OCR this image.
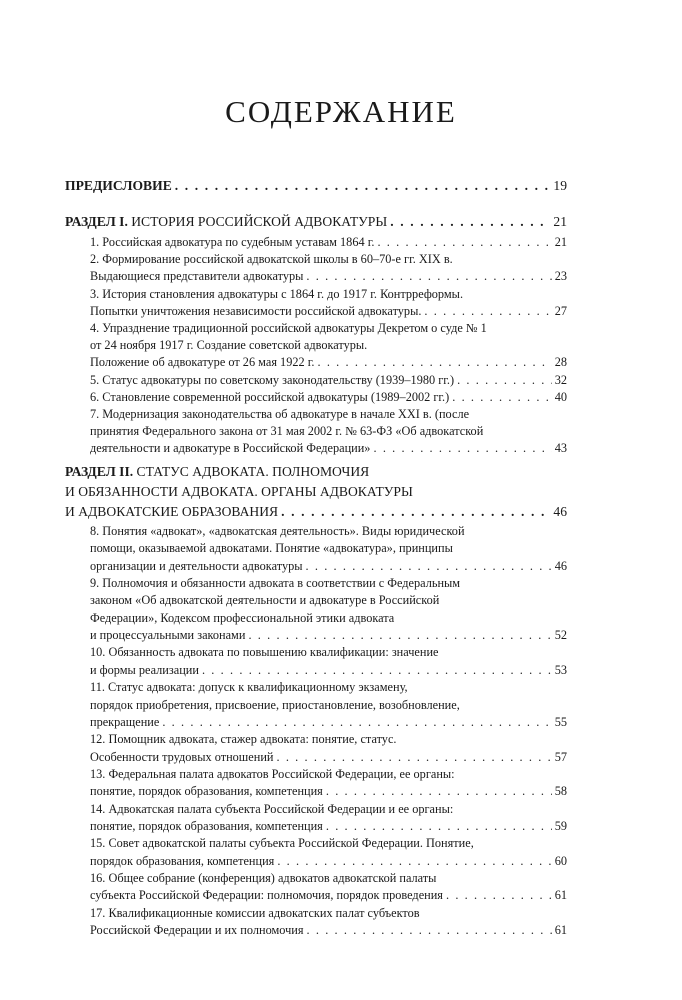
СОДЕРЖАНИЕ
ПРЕДИСЛОВИЕ . . .	19
РАЗДЕЛ I. ИСТОРИЯ РОССИЙСКОЙ АДВОКАТУРЫ . . .	21
1. Российская адвокатура по судебным уставам 1864 г. . . .	21
2. Формирование российской адвокатской школы в 60–70-е гг. XIX в.
Выдающиеся представители адвокатуры . . .	23
3. История становления адвокатуры с 1864 г. до 1917 г. Контрреформы.
Попытки уничтожения независимости российской адвокатуры. . . .	27
4. Упразднение традиционной российской адвокатуры Декретом о суде № 1
от 24 ноября 1917 г. Создание советской адвокатуры.
Положение об адвокатуре от 26 мая 1922 г. . . .	28
5. Статус адвокатуры по советскому законодательству (1939–1980 гг.) . . .	32
6. Становление современной российской адвокатуры (1989–2002 гг.) . . .	40
7. Модернизация законодательства об адвокатуре в начале XXI в. (после
принятия Федерального закона от 31 мая 2002 г. № 63-ФЗ «Об адвокатской
деятельности и адвокатуре в Российской Федерации» . . .	43
РАЗДЕЛ II. СТАТУС АДВОКАТА. ПОЛНОМОЧИЯ
И ОБЯЗАННОСТИ АДВОКАТА. ОРГАНЫ АДВОКАТУРЫ
И АДВОКАТСКИЕ ОБРАЗОВАНИЯ . . .	46
8. Понятия «адвокат», «адвокатская деятельность». Виды юридической
помощи, оказываемой адвокатами. Понятие «адвокатура», принципы
организации и деятельности адвокатуры . . .	46
9. Полномочия и обязанности адвоката в соответствии с Федеральным
законом «Об адвокатской деятельности и адвокатуре в Российской
Федерации», Кодексом профессиональной этики адвоката
и процессуальными законами . . .	52
10. Обязанность адвоката по повышению квалификации: значение
и формы реализации . . .	53
11. Статус адвоката: допуск к квалификационному экзамену,
порядок приобретения, присвоение, приостановление, возобновление,
прекращение . . .	55
12. Помощник адвоката, стажер адвоката: понятие, статус.
Особенности трудовых отношений . . .	57
13. Федеральная палата адвокатов Российской Федерации, ее органы:
понятие, порядок образования, компетенция . . .	58
14. Адвокатская палата субъекта Российской Федерации и ее органы:
понятие, порядок образования, компетенция . . .	59
15. Совет адвокатской палаты субъекта Российской Федерации. Понятие,
порядок образования, компетенция . . .	60
16. Общее собрание (конференция) адвокатов адвокатской палаты
субъекта Российской Федерации: полномочия, порядок проведения . . .	61
17. Квалификационные комиссии адвокатских палат субъектов
Российской Федерации и их полномочия . . .	61
